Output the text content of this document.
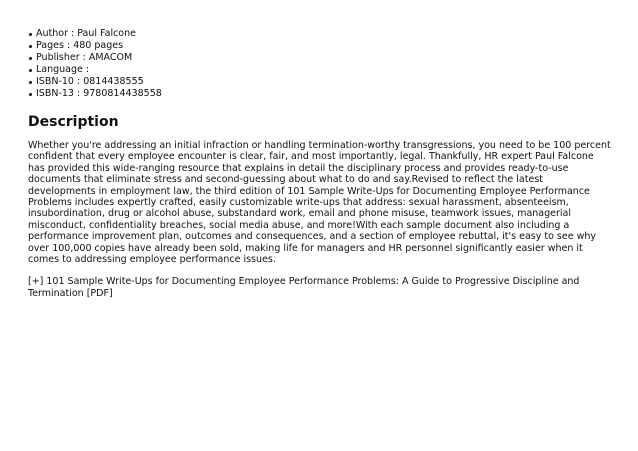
Author : Paul Falcone
Pages : 480 pages
Publisher : AMACOM
Language :
ISBN-10 : 0814438555
ISBN-13 : 9780814438558
Description

Whether you're addressing an initial infraction or handling termination-worthy transgressions, you need to be 100 percent confident that every employee encounter is clear, fair, and most importantly, legal. Thankfully, HR expert Paul Falcone has provided this wide-ranging resource that explains in detail the disciplinary process and provides ready-to-use documents that eliminate stress and second-guessing about what to do and say.Revised to reflect the latest developments in employment law, the third edition of 101 Sample Write-Ups for Documenting Employee Performance Problems includes expertly crafted, easily customizable write-ups that address: sexual harassment, absenteeism, insubordination, drug or alcohol abuse, substandard work, email and phone misuse, teamwork issues, managerial misconduct, confidentiality breaches, social media abuse, and more!With each sample document also including a performance improvement plan, outcomes and consequences, and a section of employee rebuttal, it's easy to see why over 100,000 copies have already been sold, making life for managers and HR personnel significantly easier when it comes to addressing employee performance issues.

[+] 101 Sample Write-Ups for Documenting Employee Performance Problems: A Guide to Progressive Discipline and Termination [PDF]
